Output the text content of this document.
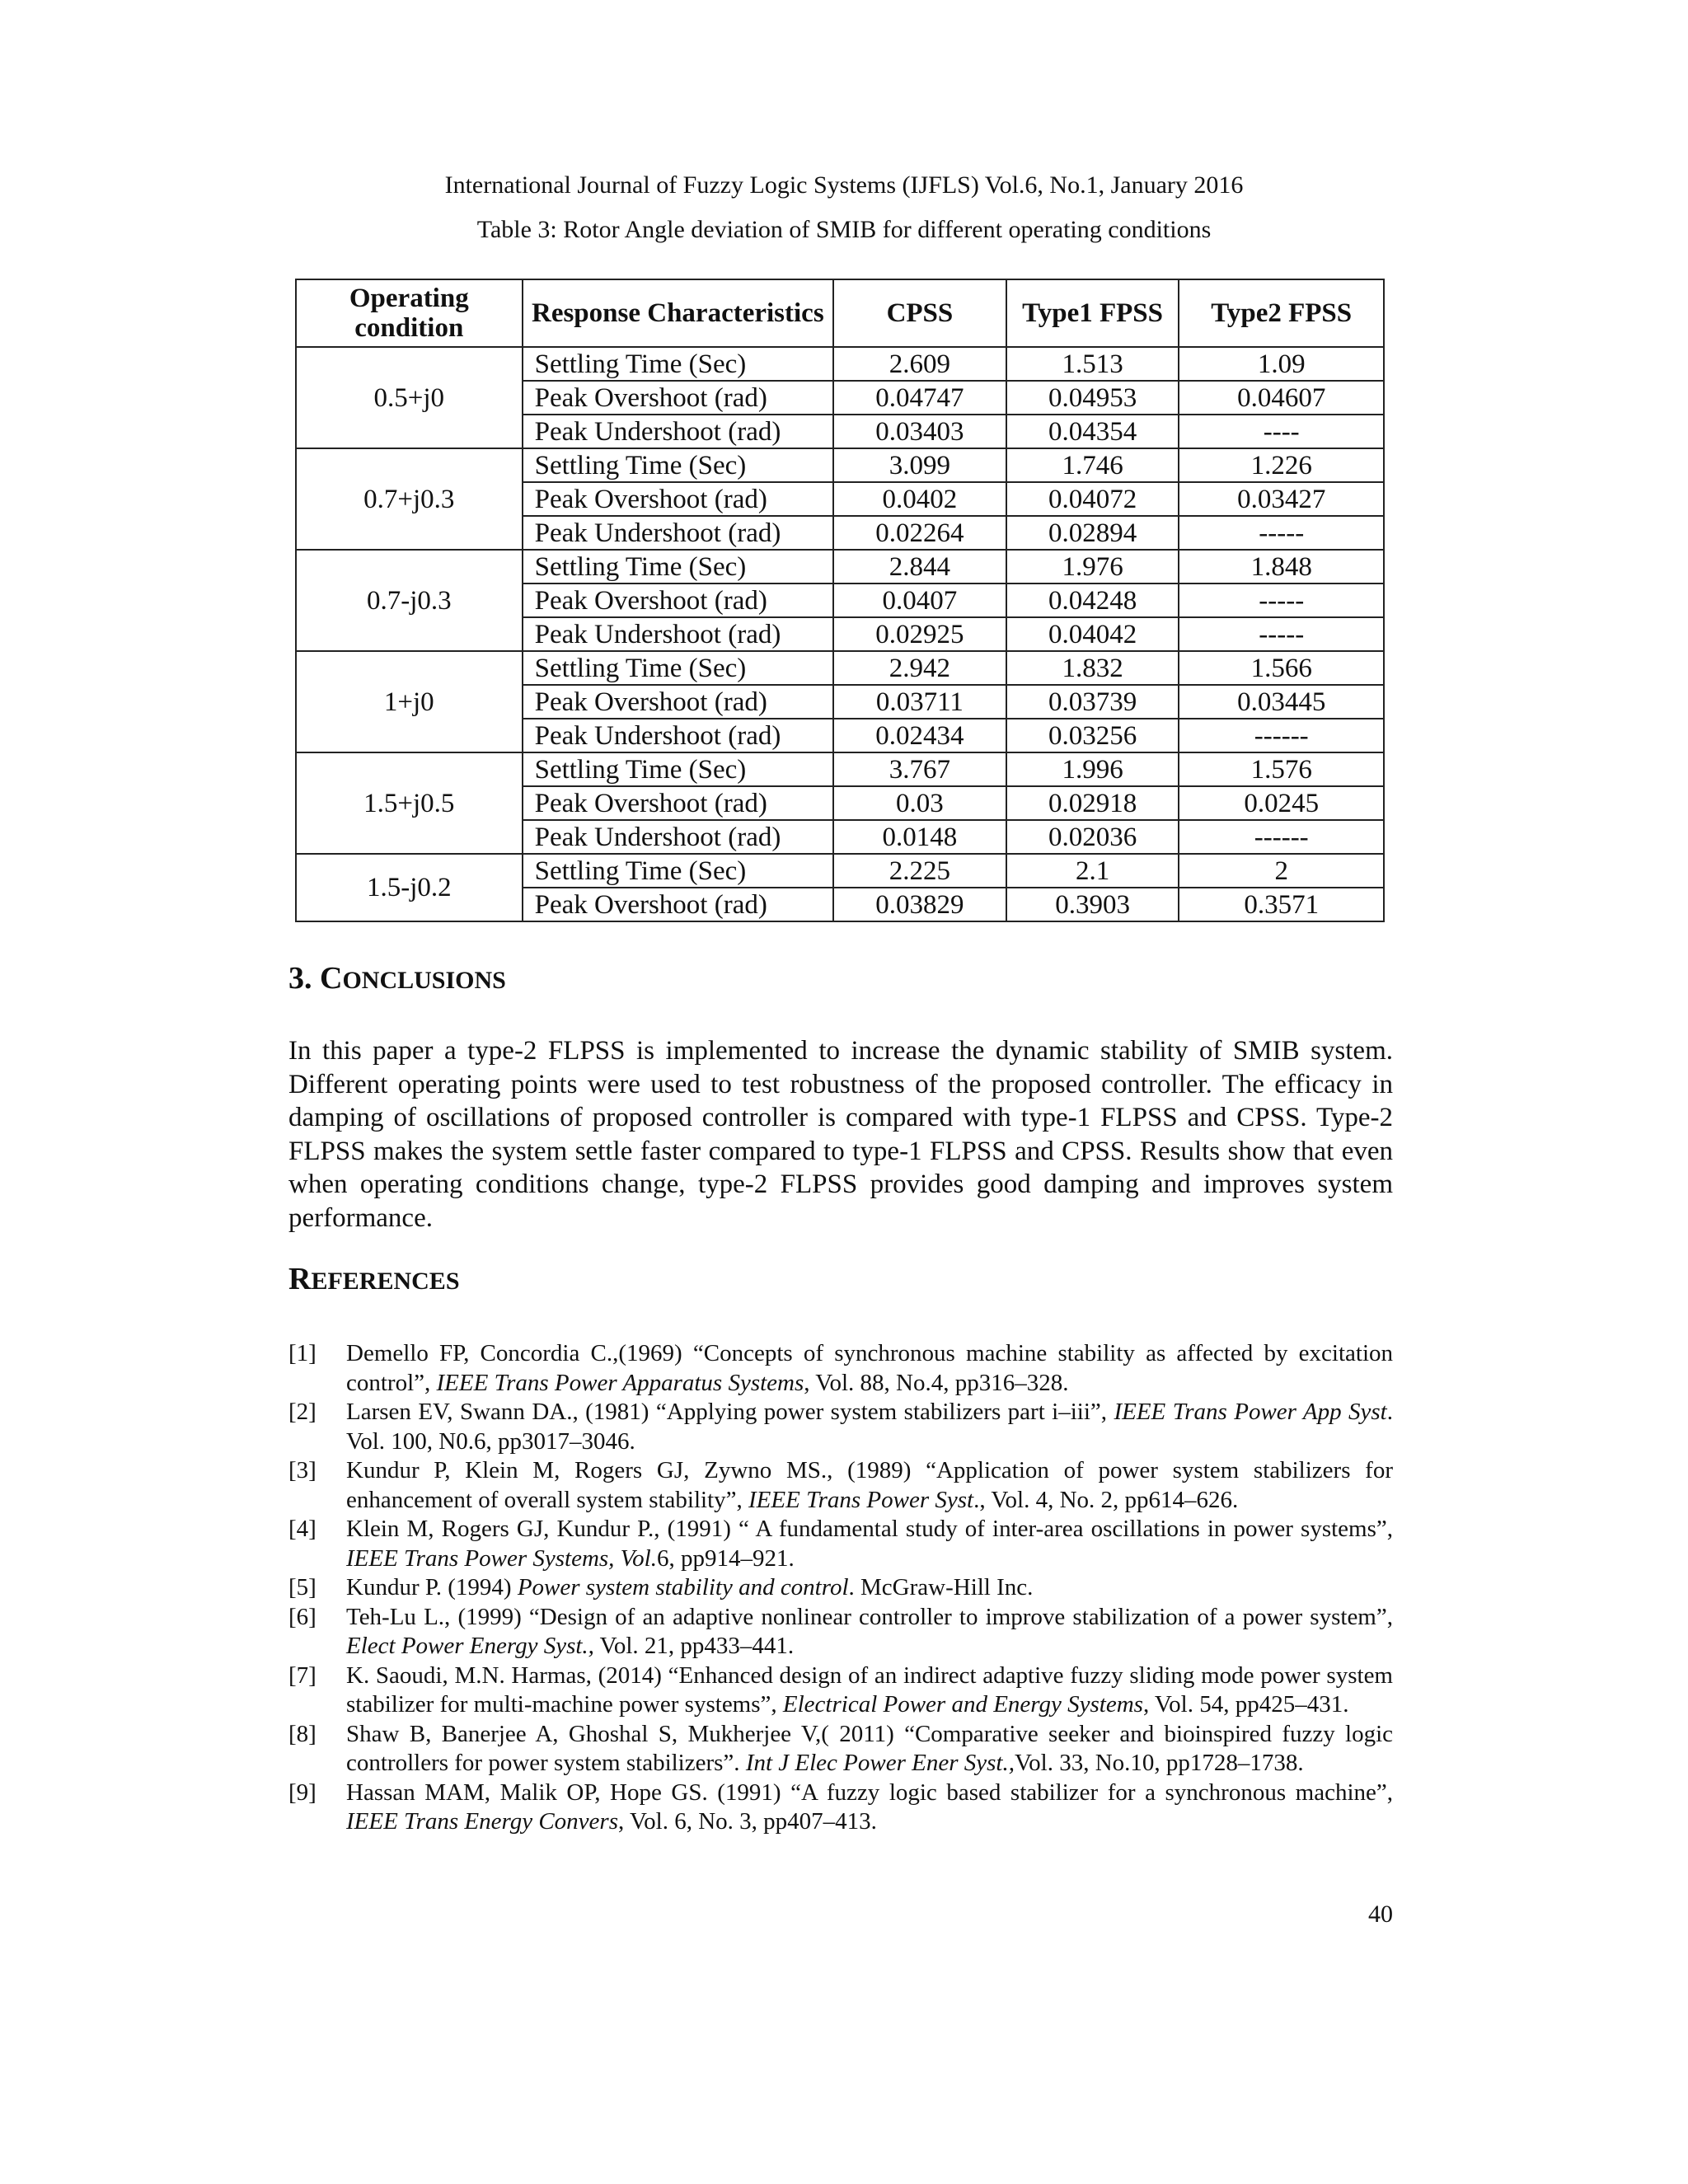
International Journal of Fuzzy Logic Systems (IJFLS) Vol.6, No.1, January 2016
Table 3: Rotor Angle deviation of SMIB for different operating conditions
Operating condition	Response Characteristics	CPSS	Type1 FPSS	Type2 FPSS
0.5+j0	Settling Time (Sec)	2.609	1.513	1.09
	Peak Overshoot (rad)	0.04747	0.04953	0.04607
	Peak Undershoot (rad)	0.03403	0.04354	----
0.7+j0.3	Settling Time (Sec)	3.099	1.746	1.226
	Peak Overshoot (rad)	0.0402	0.04072	0.03427
	Peak Undershoot (rad)	0.02264	0.02894	-----
0.7-j0.3	Settling Time (Sec)	2.844	1.976	1.848
	Peak Overshoot (rad)	0.0407	0.04248	-----
	Peak Undershoot (rad)	0.02925	0.04042	-----
1+j0	Settling Time (Sec)	2.942	1.832	1.566
	Peak Overshoot (rad)	0.03711	0.03739	0.03445
	Peak Undershoot (rad)	0.02434	0.03256	------
1.5+j0.5	Settling Time (Sec)	3.767	1.996	1.576
	Peak Overshoot (rad)	0.03	0.02918	0.0245
	Peak Undershoot (rad)	0.0148	0.02036	------
1.5-j0.2	Settling Time (Sec)	2.225	2.1	2
	Peak Overshoot (rad)	0.03829	0.3903	0.3571
3. CONCLUSIONS
In this paper a type-2 FLPSS is implemented to increase the dynamic stability of SMIB system. Different operating points were used to test robustness of the proposed controller. The efficacy in damping of oscillations of proposed controller is compared with type-1 FLPSS and CPSS. Type-2 FLPSS makes the system settle faster compared to type-1 FLPSS and CPSS. Results show that even when operating conditions change, type-2 FLPSS provides good damping and improves system performance.
REFERENCES
[1] Demello FP, Concordia C.,(1969) “Concepts of synchronous machine stability as affected by excitation control”, IEEE Trans Power Apparatus Systems, Vol. 88, No.4, pp316–328.
[2] Larsen EV, Swann DA., (1981) “Applying power system stabilizers part i–iii”, IEEE Trans Power App Syst. Vol. 100, N0.6, pp3017–3046.
[3] Kundur P, Klein M, Rogers GJ, Zywno MS., (1989) “Application of power system stabilizers for enhancement of overall system stability”, IEEE Trans Power Syst., Vol. 4, No. 2, pp614–626.
[4] Klein M, Rogers GJ, Kundur P., (1991) “ A fundamental study of inter-area oscillations in power systems”, IEEE Trans Power Systems, Vol.6, pp914–921.
[5] Kundur P. (1994) Power system stability and control. McGraw-Hill Inc.
[6] Teh-Lu L., (1999) “Design of an adaptive nonlinear controller to improve stabilization of a power system”, Elect Power Energy Syst., Vol. 21, pp433–441.
[7] K. Saoudi, M.N. Harmas, (2014) “Enhanced design of an indirect adaptive fuzzy sliding mode power system stabilizer for multi-machine power systems”, Electrical Power and Energy Systems, Vol. 54, pp425–431.
[8] Shaw B, Banerjee A, Ghoshal S, Mukherjee V,( 2011) “Comparative seeker and bioinspired fuzzy logic controllers for power system stabilizers”. Int J Elec Power Ener Syst.,Vol. 33, No.10, pp1728–1738.
[9] Hassan MAM, Malik OP, Hope GS. (1991) “A fuzzy logic based stabilizer for a synchronous machine”, IEEE Trans Energy Convers, Vol. 6, No. 3, pp407–413.
40
